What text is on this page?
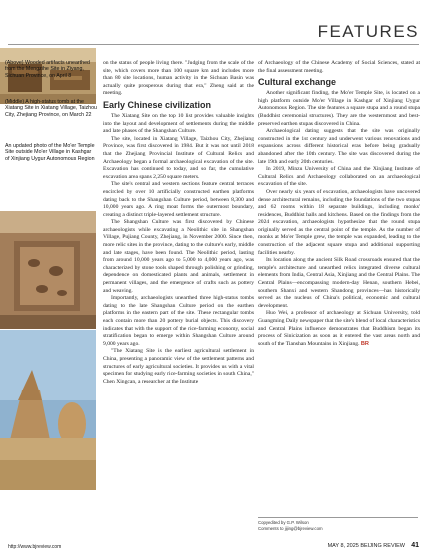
FEATURES
(Above) Wooded artifacts unearthed from the Mengzihe Site in Ziyang, Sichuan Province, on April 8
(Middle) A high-status tomb at the Xiatang Site in Xiatang Village, Taizhou City, Zhejiang Province, on March 22
An updated photo of the Mo'er Temple Site outside Mo'er Village in Kashgar of Xinjiang Uygur Autonomous Region

on the status of people living there. "Judging from the scale of the site, which covers more than 100 square km and includes more than 80 site locations, human activity in the Sichuan Basin was actually quite prosperous during that era," Zheng said at the meeting.

Early Chinese civilization

The Xiatang Site on the top 10 list provides valuable insights into the layout and development of settlements during the middle and late phases of the Shangshan Culture.

The site, located in Xiatang Village, Taizhou City, Zhejiang Province, was first discovered in 1984. But it was not until 2018 that the Zhejiang Provincial Institute of Cultural Relics and Archaeology began a formal archaeological excavation of the site. Excavation has continued to today, and so far, the cumulative excavation area spans 2,250 square meters.

The site's central and western sections feature central terraces encircled by over 10 artificially constructed earthen platforms dating back to the Shangshan Culture period, between 8,300 and 10,000 years ago. A ring moat forms the outermost boundary, creating a distinct triple-layered settlement structure.

The Shangshan Culture was first discovered by Chinese archaeologists while excavating a Neolithic site in Shangshan Village, Pujiang County, Zhejiang, in November 2000. Since then, more relic sites in the province, dating to the culture's early, middle and late stages, have been found. The Neolithic period, lasting from around 10,000 years ago to 5,000 to 4,000 years ago, was characterized by stone tools shaped through polishing or grinding, dependence on domesticated plants and animals, settlement in permanent villages, and the emergence of crafts such as pottery and weaving.

Importantly, archaeologists unearthed three high-status tombs dating to the late Shangshan Culture period on the earthen platforms in the eastern part of the site. These rectangular tombs each contain more than 20 pottery burial objects. This discovery indicates that with the support of the rice-farming economy, social stratification began to emerge within Shangshan Culture around 9,000 years ago.

"The Xiatang Site is the earliest agricultural settlement in China, presenting a panoramic view of the settlement patterns and structures of early agricultural societies. It provides us with a vital specimen for studying early rice-farming societies in south China," Chen Xingcan, a researcher at the Institute

of Archaeology of the Chinese Academy of Social Sciences, stated at the final assessment meeting.

Cultural exchange

Another significant finding, the Mo'er Temple Site, is located on a high platform outside Mo'er Village in Kashgar of Xinjiang Uygur Autonomous Region. The site features a square stupa and a round stupa (Buddhist ceremonial structures). They are the westernmost and best-preserved earthen stupas discovered in China.

Archaeological dating suggests that the site was originally constructed in the 1st century and underwent various renovations and expansions across different historical eras before being gradually abandoned after the 10th century. The site was discovered during the late 19th and early 20th centuries.

In 2019, Minzu University of China and the Xinjiang Institute of Cultural Relics and Archaeology collaborated on an archaeological excavation of the site.

Over nearly six years of excavation, archaeologists have uncovered dense architectural remains, including the foundations of the two stupas and 62 rooms within 18 separate buildings, including monks' residences, Buddhist halls and kitchens. Based on the findings from the 2024 excavation, archaeologists hypothesize that the round stupa originally served as the central point of the temple. As the number of monks at Mo'er Temple grew, the temple was expanded, leading to the construction of the adjacent square stupa and additional supporting facilities nearby.

Its location along the ancient Silk Road crossroads ensured that the temple's architecture and unearthed relics integrated diverse cultural elements from India, Central Asia, Xinjiang and the Central Plains. The Central Plains—encompassing modern-day Henan, southern Hebei, southern Shanxi and western Shandong provinces—has historically served as the nucleus of China's political, economic and cultural development.

Huo Wei, a professor of archaeology at Sichuan University, told Guangming Daily newspaper that the site's blend of local characteristics and Central Plains influence demonstrates that Buddhism began its process of Sinicization as soon as it entered the vast areas north and south of the Tianshan Mountains in Xinjiang. BR

Copyedited by G.P. Wilson
Comments to jijing@bjreview.com
http://www.bjreview.com	MAY 8, 2025 BEIJING REVIEW 41
